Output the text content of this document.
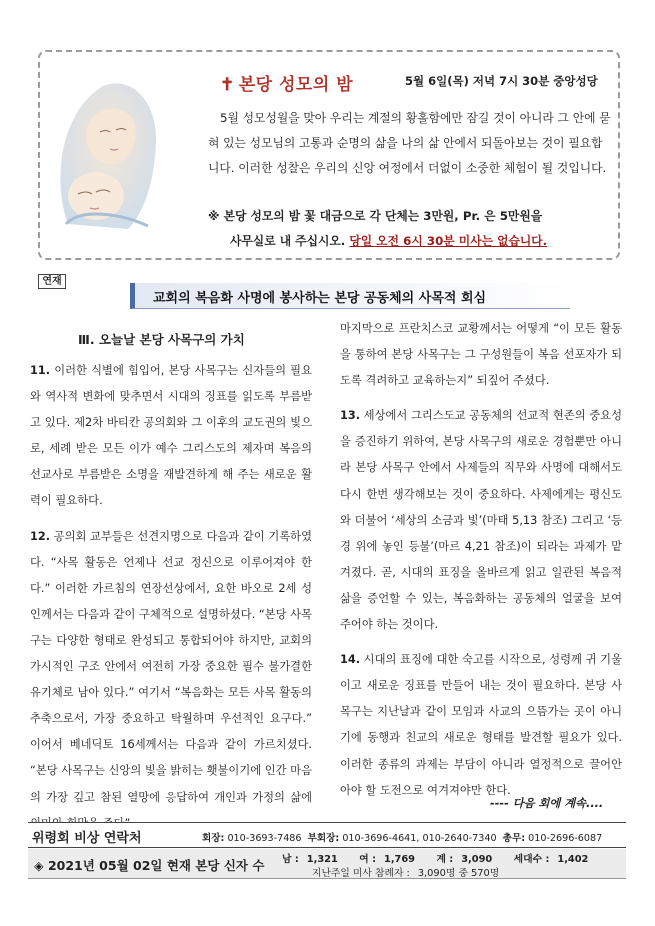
✝ 본당 성모의 밤	5월 6일(목) 저녁 7시 30분 중앙성당

5월 성모성월을 맞아 우리는 계절의 황홀함에만 잠길 것이 아니라 그 안에 묻혀 있는 성모님의 고통과 순명의 삶을 나의 삶 안에서 되돌아보는 것이 필요합니다. 이러한 성찰은 우리의 신앙 여정에서 더없이 소중한 체험이 될 것입니다.

※ 본당 성모의 밤 꽃 대금으로 각 단체는 3만원, Pr. 은 5만원을
사무실로 내 주십시오. 당일 오전 6시 30분 미사는 없습니다.
연재
교회의 복음화 사명에 봉사하는 본당 공동체의 사목적 회심
Ⅲ. 오늘날 본당 사목구의 가치
11. 이러한 식별에 힘입어, 본당 사목구는 신자들의 필요와 역사적 변화에 맞추면서 시대의 징표를 읽도록 부름받고 있다. 제2차 바티칸 공의회와 그 이후의 교도권의 빛으로, 세례 받은 모든 이가 예수 그리스도의 제자며 복음의 선교사로 부름받은 소명을 재발견하게 해 주는 새로운 활력이 필요하다.
12. 공의회 교부들은 선견지명으로 다음과 같이 기록하였다. “사목 활동은 언제나 선교 정신으로 이루어져야 한다.” 이러한 가르침의 연장선상에서, 요한 바오로 2세 성인께서는 다음과 같이 구체적으로 설명하셨다. “본당 사목구는 다양한 형태로 완성되고 통합되어야 하지만, 교회의 가시적인 구조 안에서 여전히 가장 중요한 필수 불가결한 유기체로 남아 있다.” 여기서 “복음화는 모든 사목 활동의 추축으로서, 가장 중요하고 탁월하며 우선적인 요구다.” 이어서 베네딕토 16세께서는 다음과 같이 가르치셨다. “본당 사목구는 신앙의 빛을 밝히는 횃불이기에 인간 마음의 가장 깊고 참된 열망에 응답하여 개인과 가정의 삶에
마지막으로 프란치스코 교황께서는 어떻게 “이 모든 활동을 통하여 본당 사목구는 그 구성원들이 복음 선포자가 되도록 격려하고 교육하는지” 되짚어 주셨다.
13. 세상에서 그리스도교 공동체의 선교적 현존의 중요성을 증진하기 위하여, 본당 사목구의 새로운 경험뿐만 아니라 본당 사목구 안에서 사제들의 직무와 사명에 대해서도 다시 한번 생각해보는 것이 중요하다. 사제에게는 평신도와 더불어 ‘세상의 소금과 빛’(마태 5,13 참조) 그리고 ‘등경 위에 놓인 등불’(마르 4,21 참조)이 되라는 과제가 맡겨졌다. 곧, 시대의 표징을 올바르게 읽고 일관된 복음적 삶을 증언할 수 있는, 복음화하는 공동체의 얼굴을 보여 주어야 하는 것이다.
14. 시대의 표징에 대한 숙고를 시작으로, 성령께 귀 기울이고 새로운 징표를 만들어 내는 것이 필요하다. 본당 사목구는 지난날과 같이 모임과 사교의 으뜸가는 곳이 아니기에 동행과 친교의 새로운 형태를 발견할 필요가 있다. 이러한 종류의 과제는 부담이 아니라 열정적으로 끌어안아야 할 도전으로 여겨져야만 한다.
---- 다음 회에 계속....
위령회 비상 연락처	회장: 010-3693-7486 부회장: 010-3696-4641, 010-2640-7340 총무: 010-2696-6087
◈ 2021년 05월 02일 현재 본당 신자 수 남 : 1,321 여 : 1,769 계 : 3,090 세대수 : 1,402
지난주일 미사 참례자 : 3,090명 중 570명
